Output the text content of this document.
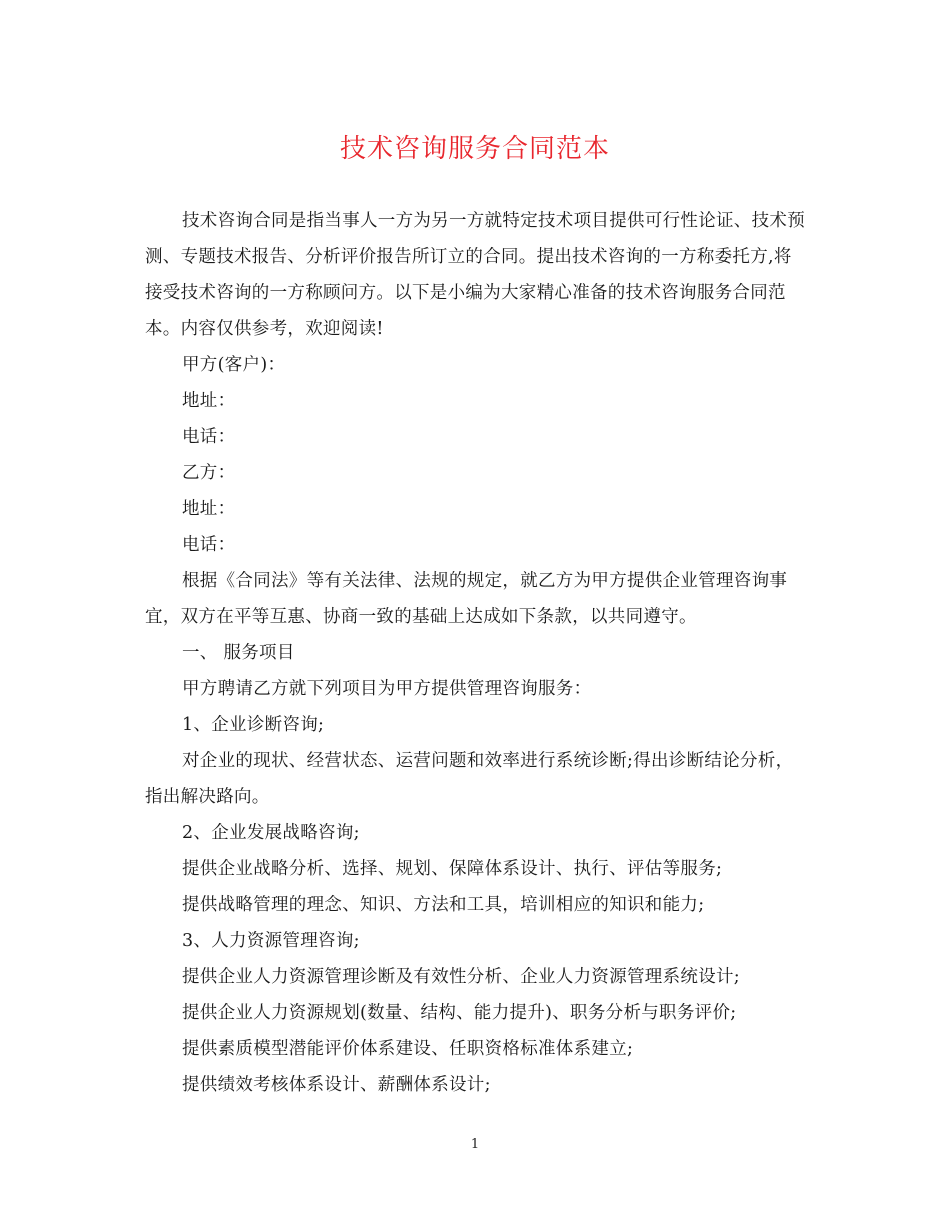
技术咨询服务合同范本

技术咨询合同是指当事人一方为另一方就特定技术项目提供可行性论证、技术预测、专题技术报告、分析评价报告所订立的合同。提出技术咨询的一方称委托方,将接受技术咨询的一方称顾问方。以下是小编为大家精心准备的技术咨询服务合同范本。内容仅供参考，欢迎阅读!

甲方(客户)：

地址：

电话：

乙方：

地址：

电话：

根据《合同法》等有关法律、法规的规定，就乙方为甲方提供企业管理咨询事宜，双方在平等互惠、协商一致的基础上达成如下条款，以共同遵守。

一、 服务项目

甲方聘请乙方就下列项目为甲方提供管理咨询服务：

1、企业诊断咨询;

对企业的现状、经营状态、运营问题和效率进行系统诊断;得出诊断结论分析，指出解决路向。

2、企业发展战略咨询;

提供企业战略分析、选择、规划、保障体系设计、执行、评估等服务;

提供战略管理的理念、知识、方法和工具，培训相应的知识和能力;

3、人力资源管理咨询;

提供企业人力资源管理诊断及有效性分析、企业人力资源管理系统设计;

提供企业人力资源规划(数量、结构、能力提升)、职务分析与职务评价;

提供素质模型潜能评价体系建设、任职资格标准体系建立;

提供绩效考核体系设计、薪酬体系设计;

1
